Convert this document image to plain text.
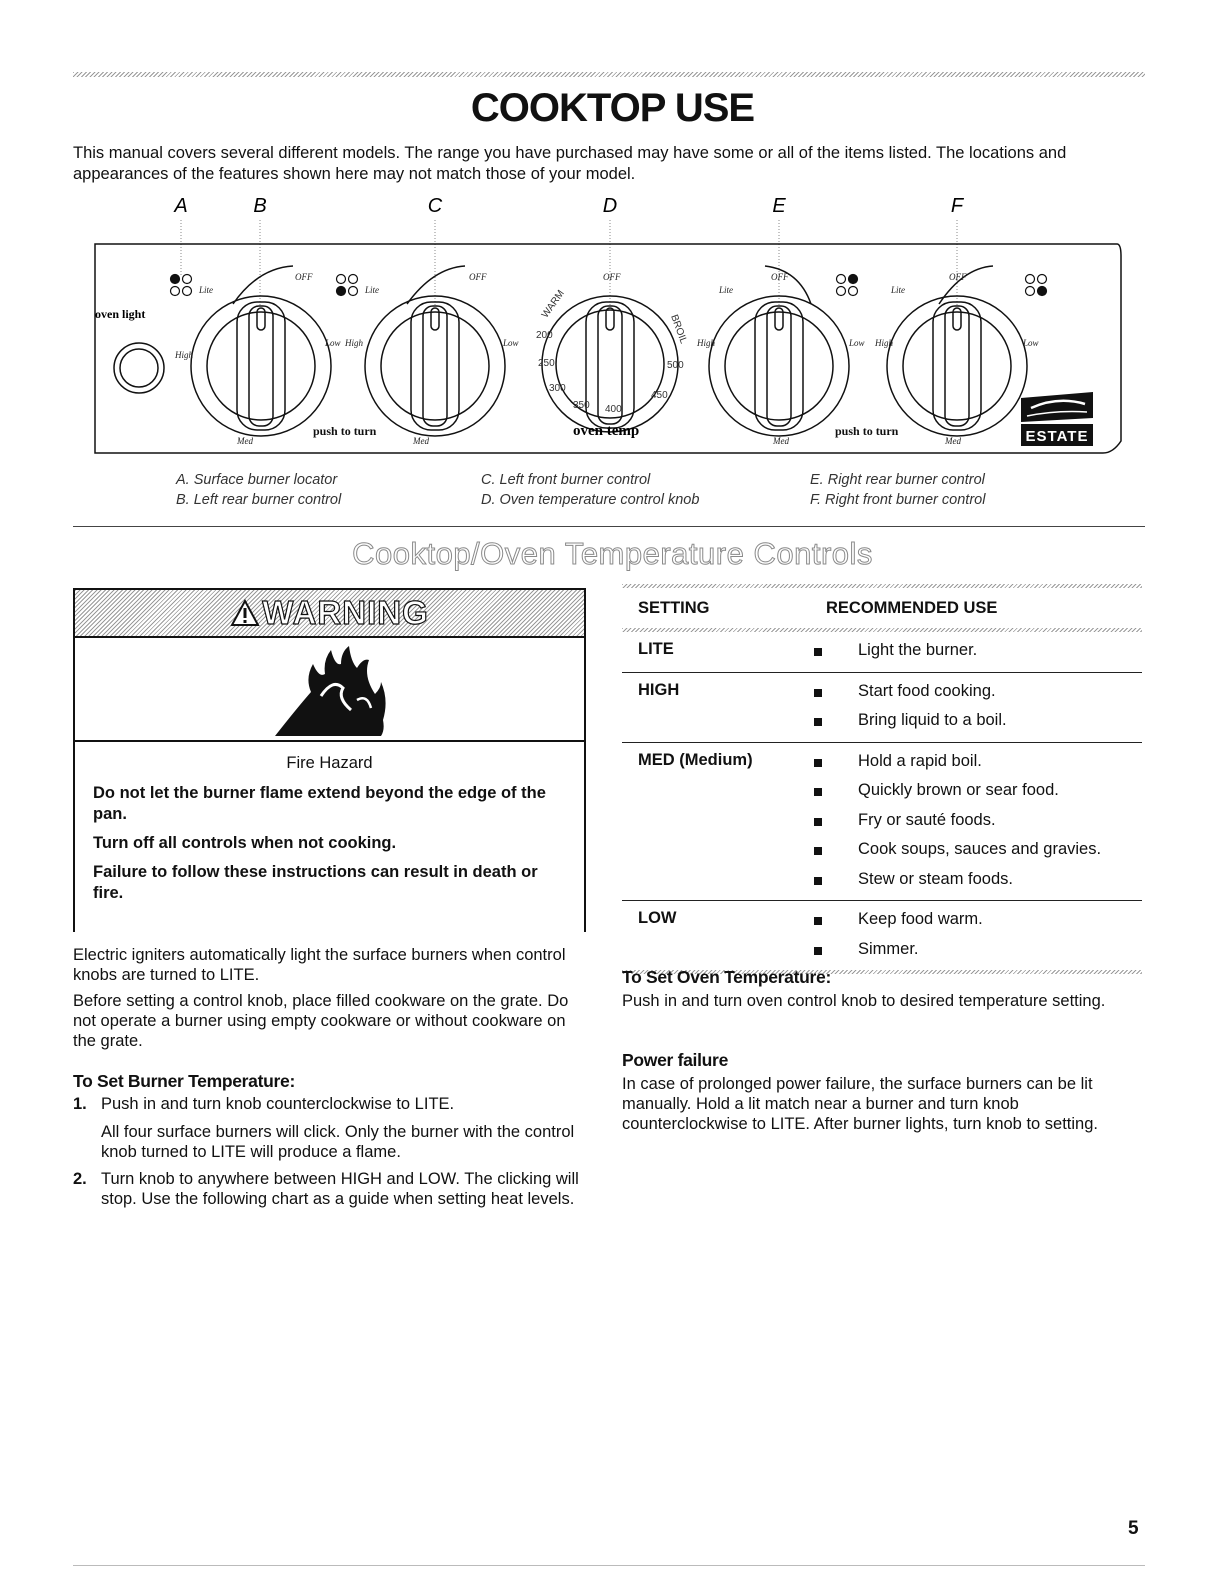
COOKTOP USE

This manual covers several different models. The range you have purchased may have some or all of the items listed. The locations and appearances of the features shown here may not match those of your model.

A	B	C	D	E	F
oven light
OFF
Lite
High
Low
Med
OFF
Lite
High	Low
Med
OFF	OFF
Lite
High	Low
Med
OFF
Lite
High	Low
Med
WARM
BROIL
200
250
300
350 400
450
500
push to turn	push to turn
oven temp	ESTATE
A. Surface burner locator
B. Left rear burner control
C. Left front burner control
D. Oven temperature control knob
E. Right rear burner control
F. Right front burner control
Cooktop/Oven Temperature Controls
WARNING
Fire Hazard
Do not let the burner flame extend beyond the edge of the pan.
Turn off all controls when not cooking.
Failure to follow these instructions can result in death or fire.

Electric igniters automatically light the surface burners when control knobs are turned to LITE.

Before setting a control knob, place filled cookware on the grate. Do not operate a burner using empty cookware or without cookware on the grate.

To Set Burner Temperature:
1. Push in and turn knob counterclockwise to LITE.
All four surface burners will click. Only the burner with the control knob turned to LITE will produce a flame.
2. Turn knob to anywhere between HIGH and LOW. The clicking will stop. Use the following chart as a guide when setting heat levels.
SETTING	RECOMMENDED USE
LITE	Light the burner.
HIGH	Start food cooking.
Bring liquid to a boil.
MED (Medium)	Hold a rapid boil.
Quickly brown or sear food.
Fry or sauté foods.
Cook soups, sauces and gravies.
Stew or steam foods.
LOW	Keep food warm.
Simmer.
To Set Oven Temperature:

Push in and turn oven control knob to desired temperature setting.

Power failure

In case of prolonged power failure, the surface burners can be lit manually. Hold a lit match near a burner and turn knob counterclockwise to LITE. After burner lights, turn knob to setting.

5
